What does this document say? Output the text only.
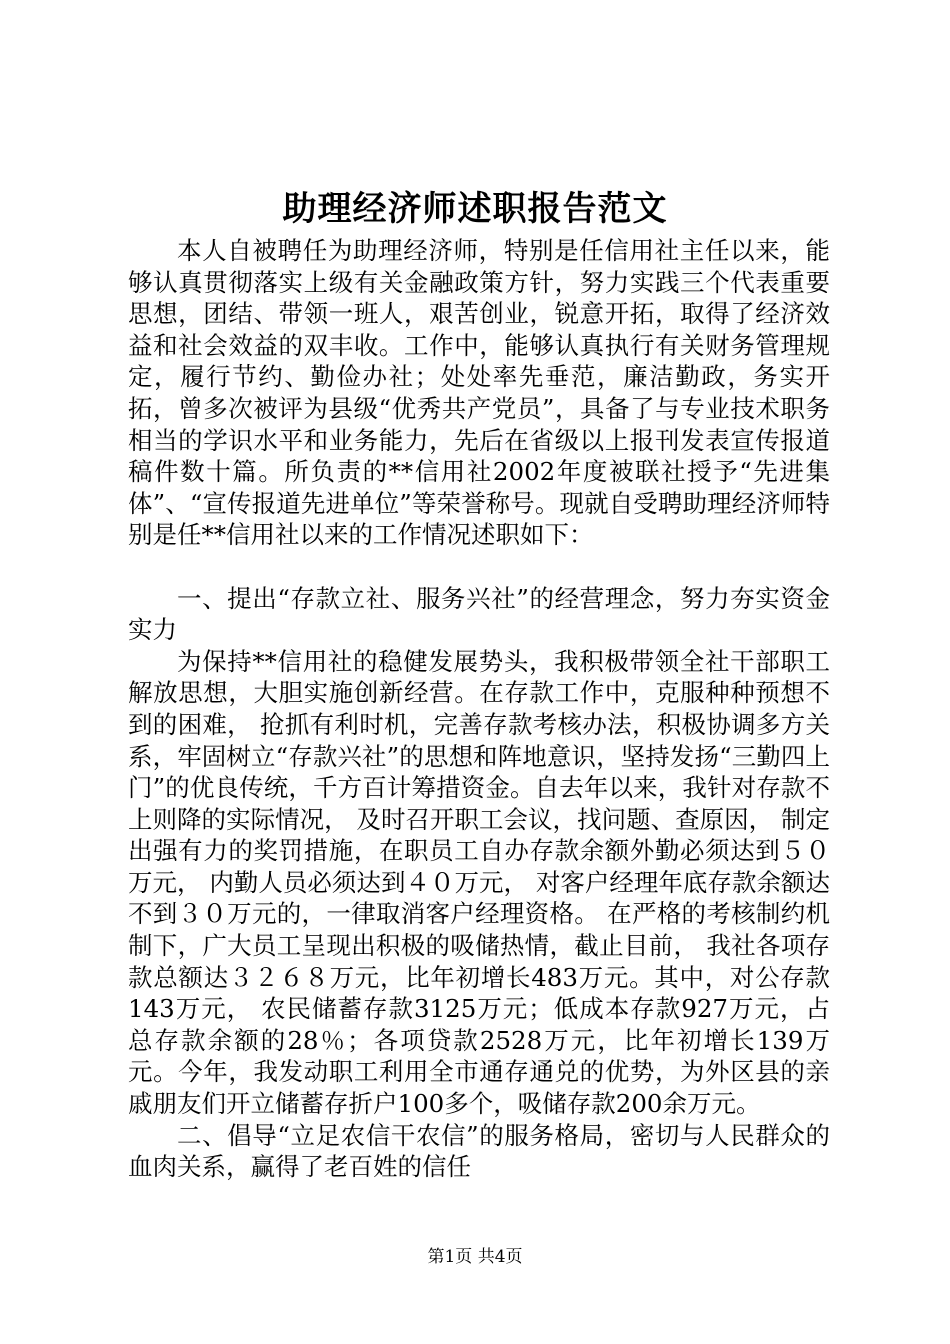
助理经济师述职报告范文

本人自被聘任为助理经济师，特别是任信用社主任以来，能够认真贯彻落实上级有关金融政策方针，努力实践三个代表重要思想，团结、带领一班人，艰苦创业，锐意开拓，取得了经济效益和社会效益的双丰收。工作中，能够认真执行有关财务管理规定，履行节约、勤俭办社；处处率先垂范，廉洁勤政，务实开拓，曾多次被评为县级“优秀共产党员”，具备了与专业技术职务相当的学识水平和业务能力，先后在省级以上报刊发表宣传报道稿件数十篇。所负责的**信用社2002年度被联社授予“先进集体”、“宣传报道先进单位”等荣誉称号。现就自受聘助理经济师特别是任**信用社以来的工作情况述职如下：

一、提出“存款立社、服务兴社”的经营理念，努力夯实资金实力

为保持**信用社的稳健发展势头，我积极带领全社干部职工解放思想，大胆实施创新经营。在存款工作中，克服种种预想不到的困难， 抢抓有利时机，完善存款考核办法，积极协调多方关系，牢固树立“存款兴社”的思想和阵地意识，坚持发扬“三勤四上门”的优良传统，千方百计筹措资金。自去年以来，我针对存款不上则降的实际情况， 及时召开职工会议，找问题、查原因， 制定出强有力的奖罚措施，在职员工自办存款余额外勤必须达到５０万元， 内勤人员必须达到４０万元， 对客户经理年底存款余额达不到３０万元的，一律取消客户经理资格。 在严格的考核制约机制下，广大员工呈现出积极的吸储热情，截止目前， 我社各项存款总额达３２６８万元，比年初增长483万元。其中，对公存款143万元， 农民储蓄存款3125万元；低成本存款927万元，占总存款余额的28％；各项贷款2528万元，比年初增长139万元。今年，我发动职工利用全市通存通兑的优势，为外区县的亲戚朋友们开立储蓄存折户100多个，吸储存款200余万元。

二、倡导“立足农信干农信”的服务格局，密切与人民群众的血肉关系，赢得了老百姓的信任

第1页 共4页
